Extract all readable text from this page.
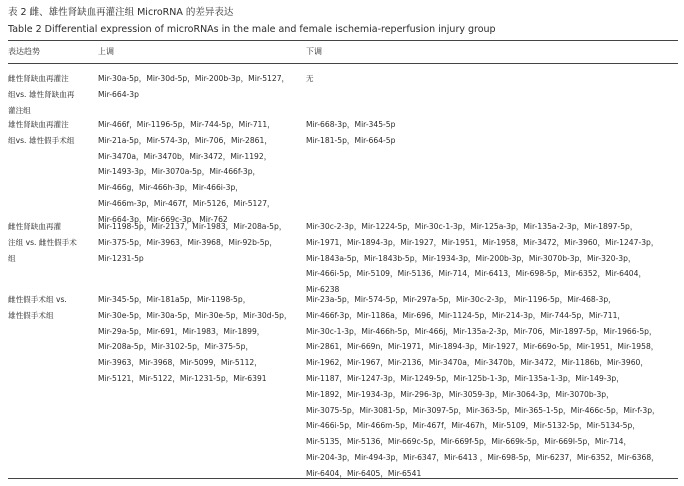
表 2 雌、雄性肾缺血再灌注组 MicroRNA 的差异表达
Table 2 Differential expression of microRNAs in the male and female ischemia-reperfusion injury group
表达趋势	上调	下调
雌性肾缺血再灌注
组vs. 雄性肾缺血再
灌注组
Mir-30a-5p，Mir-30d-5p，Mir-200b-3p，Mir-5127，
Mir-664-3p
无
雄性肾缺血再灌注
组vs. 雄性假手术组
Mir-466f，Mir-1196-5p，Mir-744-5p，Mir-711，
Mir-21a-5p，Mir-574-3p，Mir-706，Mir-2861，
Mir-3470a，Mir-3470b，Mir-3472，Mir-1192，
Mir-1493-3p，Mir-3070a-5p，Mir-466f-3p，
Mir-466g，Mir-466h-3p，Mir-466i-3p，
Mir-466m-3p，Mir-467f，Mir-5126，Mir-5127，
Mir-664-3p，Mir-669c-3p，Mir-762
Mir-668-3p，Mir-345-5p
Mir-181-5p，Mir-664-5p
雌性肾缺血再灌
注组 vs. 雌性假手术
组
Mir-1198-5p，Mir-2137，Mir-1983，Mir-208a-5p，
Mir-375-5p，Mir-3963，Mir-3968，Mir-92b-5p，
Mir-1231-5p
Mir-30c-2-3p，Mir-1224-5p，Mir-30c-1-3p，Mir-125a-3p，Mir-135a-2-3p，Mir-1897-5p，
Mir-1971，Mir-1894-3p，Mir-1927，Mir-1951，Mir-1958，Mir-3472，Mir-3960，Mir-1247-3p，
Mir-1843a-5p，Mir-1843b-5p，Mir-1934-3p，Mir-200b-3p，Mir-3070b-3p，Mir-320-3p，
Mir-466i-5p，Mir-5109，Mir-5136，Mir-714，Mir-6413，Mir-698-5p，Mir-6352，Mir-6404，
Mir-6238
雌性假手术组 vs.
雄性假手术组
Mir-345-5p，Mir-181a5p，Mir-1198-5p，
Mir-30e-5p，Mir-30a-5p，Mir-30e-5p，Mir-30d-5p，
Mir-29a-5p，Mir-691，Mir-1983，Mir-1899，
Mir-208a-5p，Mir-3102-5p，Mir-375-5p，
Mir-3963，Mir-3968，Mir-5099，Mir-5112，
Mir-5121，Mir-5122，Mir-1231-5p，Mir-6391
Mir-23a-5p，Mir-574-5p，Mir-297a-5p，Mir-30c-2-3p， Mir-1196-5p，Mir-468-3p，
Mir-466f-3p，Mir-1186a，Mir-696，Mir-1124-5p，Mir-214-3p，Mir-744-5p，Mir-711，
Mir-30c-1-3p，Mir-466h-5p，Mir-466j，Mir-135a-2-3p，Mir-706，Mir-1897-5p，Mir-1966-5p，
Mir-2861，Mir-669n，Mir-1971，Mir-1894-3p，Mir-1927，Mir-669o-5p，Mir-1951，Mir-1958，
Mir-1962，Mir-1967，Mir-2136，Mir-3470a，Mir-3470b，Mir-3472，Mir-1186b，Mir-3960，
Mir-1187，Mir-1247-3p，Mir-1249-5p，Mir-125b-1-3p，Mir-135a-1-3p，Mir-149-3p，
Mir-1892，Mir-1934-3p，Mir-296-3p，Mir-3059-3p，Mir-3064-3p，Mir-3070b-3p，
Mir-3075-5p，Mir-3081-5p，Mir-3097-5p，Mir-363-5p，Mir-365-1-5p，Mir-466c-5p，Mir-f-3p，
Mir-466i-5p，Mir-466m-5p，Mir-467f，Mir-467h，Mir-5109，Mir-5132-5p，Mir-5134-5p，
Mir-5135，Mir-5136，Mir-669c-5p，Mir-669f-5p，Mir-669k-5p，Mir-669l-5p，Mir-714，
Mir-204-3p，Mir-494-3p，Mir-6347，Mir-6413 ，Mir-698-5p，Mir-6237，Mir-6352，Mir-6368，
Mir-6404，Mir-6405，Mir-6541
